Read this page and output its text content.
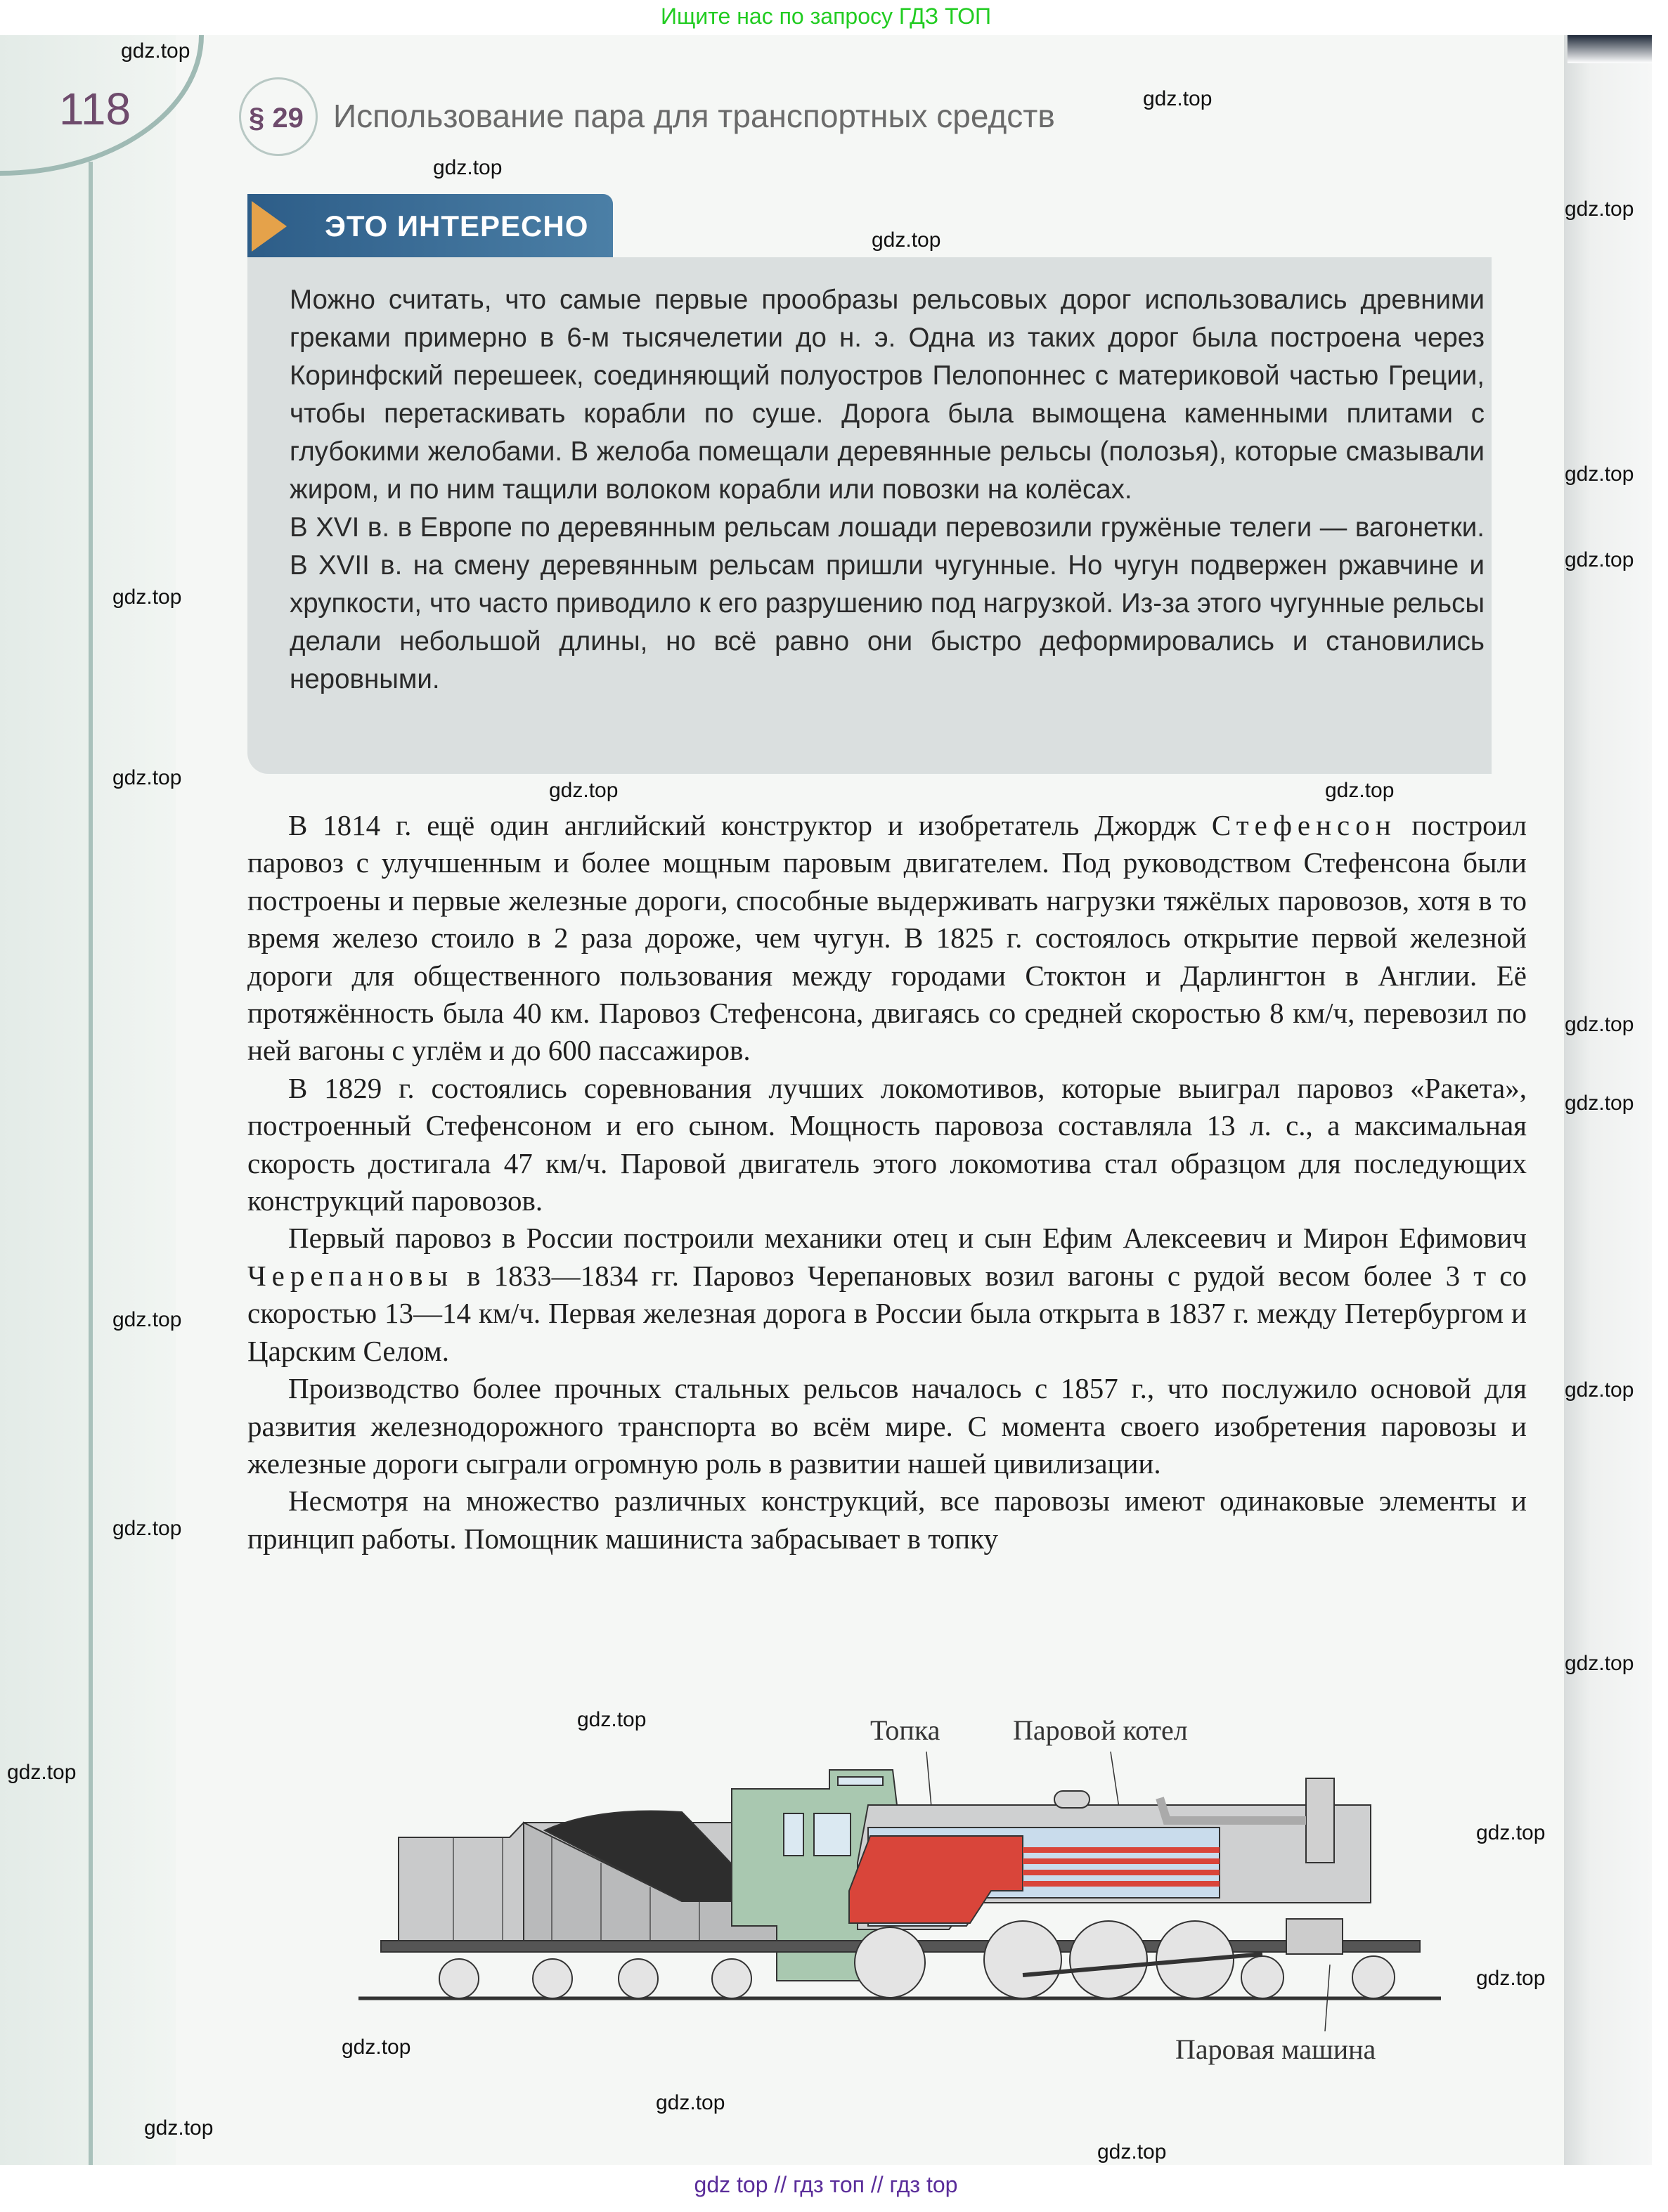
Ищите нас по запросу ГДЗ ТОП
118	§ 29 Использование пара для транспортных средств
ЭТО ИНТЕРЕСНО

Можно считать, что самые первые прообразы рельсовых дорог использовались древними греками примерно в 6-м тысячелетии до н. э. Одна из таких дорог была построена через Коринфский перешеек, соединяющий полуостров Пелопоннес с материковой частью Греции, чтобы перетаскивать корабли по суше. Дорога была вымощена каменными плитами с глубокими желобами. В желоба помещали деревянные рельсы (полозья), которые смазывали жиром, и по ним тащили волоком корабли или повозки на колёсах.

В XVI в. в Европе по деревянным рельсам лошади перевозили гружёные телеги — вагонетки. В XVII в. на смену деревянным рельсам пришли чугунные. Но чугун подвержен ржавчине и хрупкости, что часто приводило к его разрушению под нагрузкой. Из-за этого чугунные рельсы делали небольшой длины, но всё равно они быстро деформировались и становились неровными.

В 1814 г. ещё один английский конструктор и изобретатель Джордж Стефенсон построил паровоз с улучшенным и более мощным паровым двигателем. Под руководством Стефенсона были построены и первые железные дороги, способные выдерживать нагрузки тяжёлых паровозов, хотя в то время железо стоило в 2 раза дороже, чем чугун. В 1825 г. состоялось открытие первой железной дороги для общественного пользования между городами Стоктон и Дарлингтон в Англии. Её протяжённость была 40 км. Паровоз Стефенсона, двигаясь со средней скоростью 8 км/ч, перевозил по ней вагоны с углём и до 600 пассажиров.

В 1829 г. состоялись соревнования лучших локомотивов, которые выиграл паровоз «Ракета», построенный Стефенсоном и его сыном. Мощность паровоза составляла 13 л. с., а максимальная скорость достигала 47 км/ч. Паровой двигатель этого локомотива стал образцом для последующих конструкций паровозов.

Первый паровоз в России построили механики отец и сын Ефим Алексеевич и Мирон Ефимович Черепановы в 1833—1834 гг. Паровоз Черепановых возил вагоны с рудой весом более 3 т со скоростью 13—14 км/ч. Первая железная дорога в России была открыта в 1837 г. между Петербургом и Царским Селом.

Производство более прочных стальных рельсов началось с 1857 г., что послужило основой для развития железнодорожного транспорта во всём мире. С момента своего изобретения паровозы и железные дороги сыграли огромную роль в развитии нашей цивилизации.

Несмотря на множество различных конструкций, все паровозы имеют одинаковые элементы и принцип работы. Помощник машиниста забрасывает в топку

Топка	Паровой котел
Паровая машина
gdz.top
gdz.top
gdz.top
gdz.top
gdz.top
gdz.top
gdz.top
gdz.top
gdz.top
gdz.top
gdz.top
gdz.top
gdz.top
gdz.top
gdz.top
gdz.top
gdz.top
gdz.top
gdz.top
gdz.top
gdz.top
gdz.top
gdz.top
gdz.top
gdz.top
gdz top // гдз топ // гдз top
